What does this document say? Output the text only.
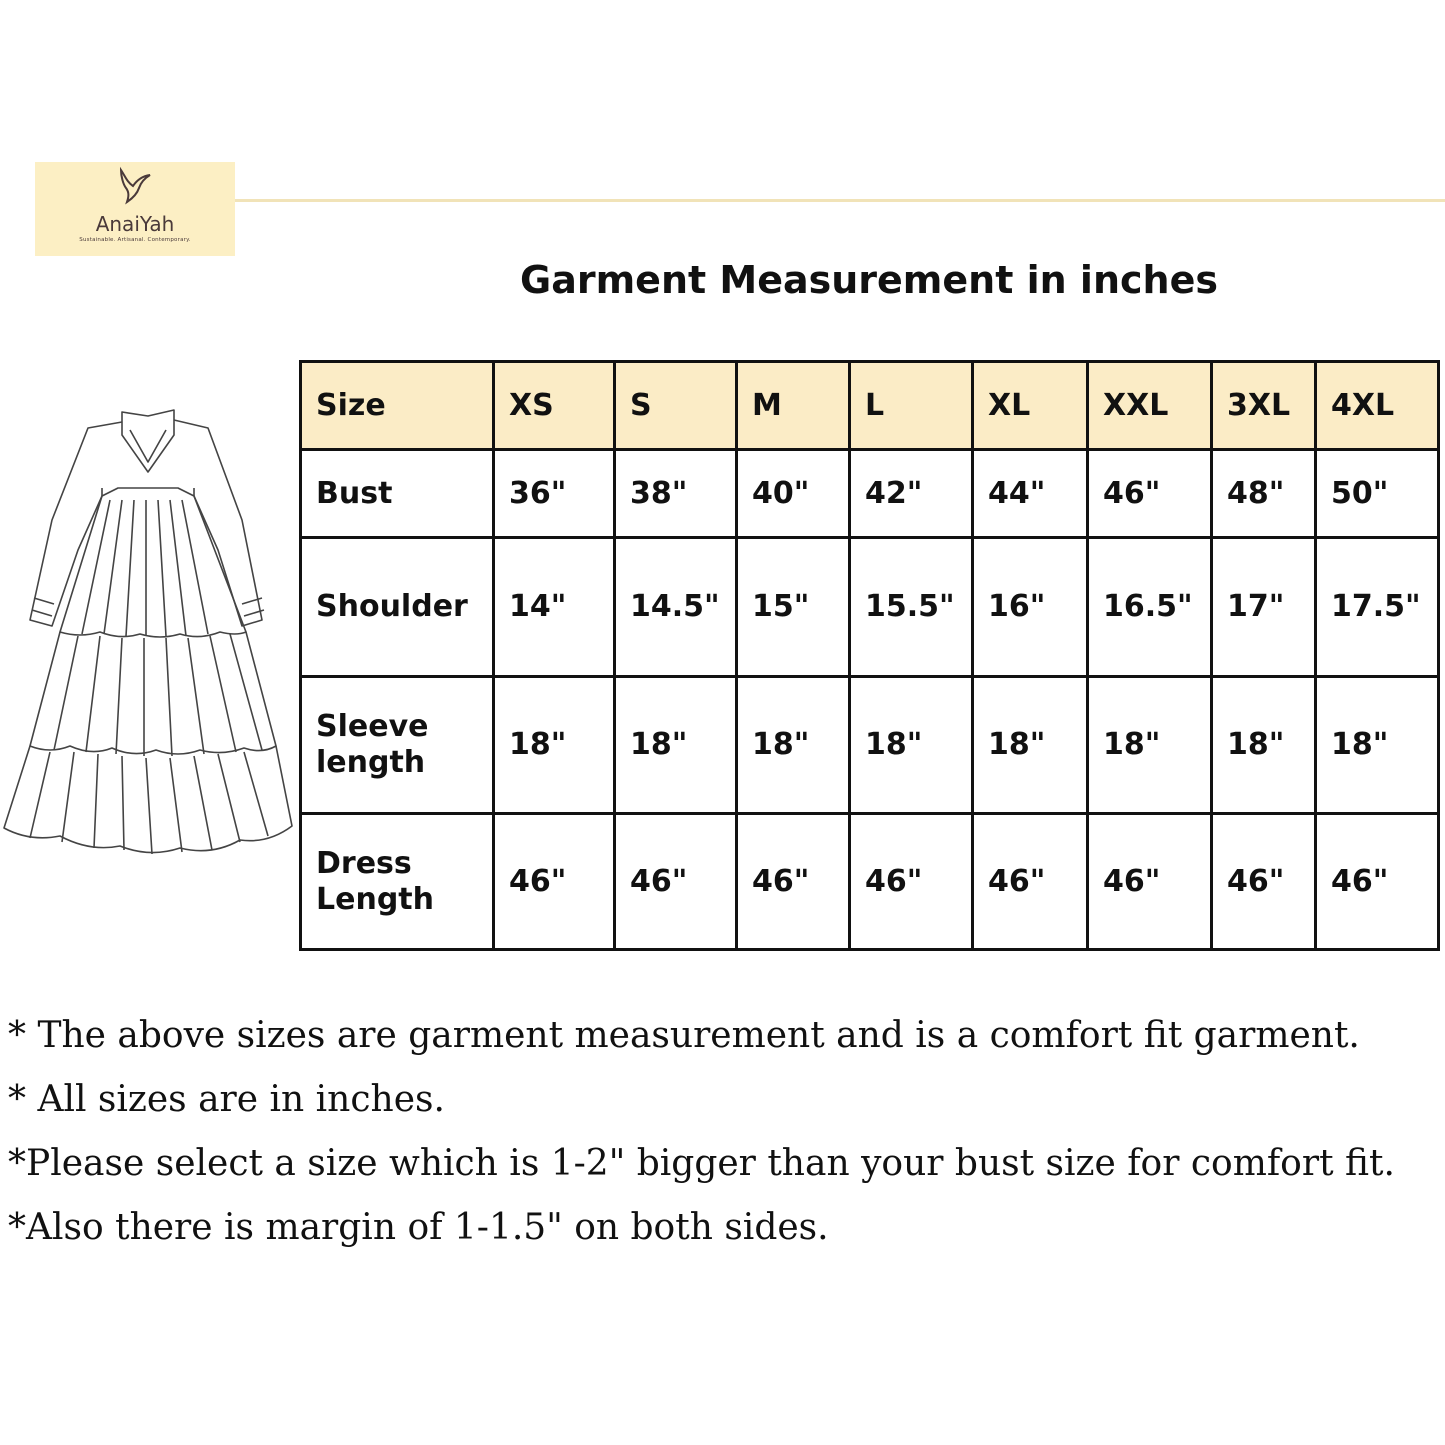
AnaiYah
Sustainable. Artisanal. Contemporary.
Garment Measurement in inches
Size	XS	S	M	L	XL	XXL	3XL	4XL
Bust	36"	38"	40"	42"	44"	46"	48"	50"
Shoulder	14"	14.5"	15"	15.5"	16"	16.5"	17"	17.5"
Sleeve length	18"	18"	18"	18"	18"	18"	18"	18"
Dress Length	46"	46"	46"	46"	46"	46"	46"	46"
* The above sizes are garment measurement and is a comfort fit garment.
* All sizes are in inches.
*Please select a size which is 1-2" bigger than your bust size for comfort fit.
*Also there is margin of 1-1.5" on both sides.
